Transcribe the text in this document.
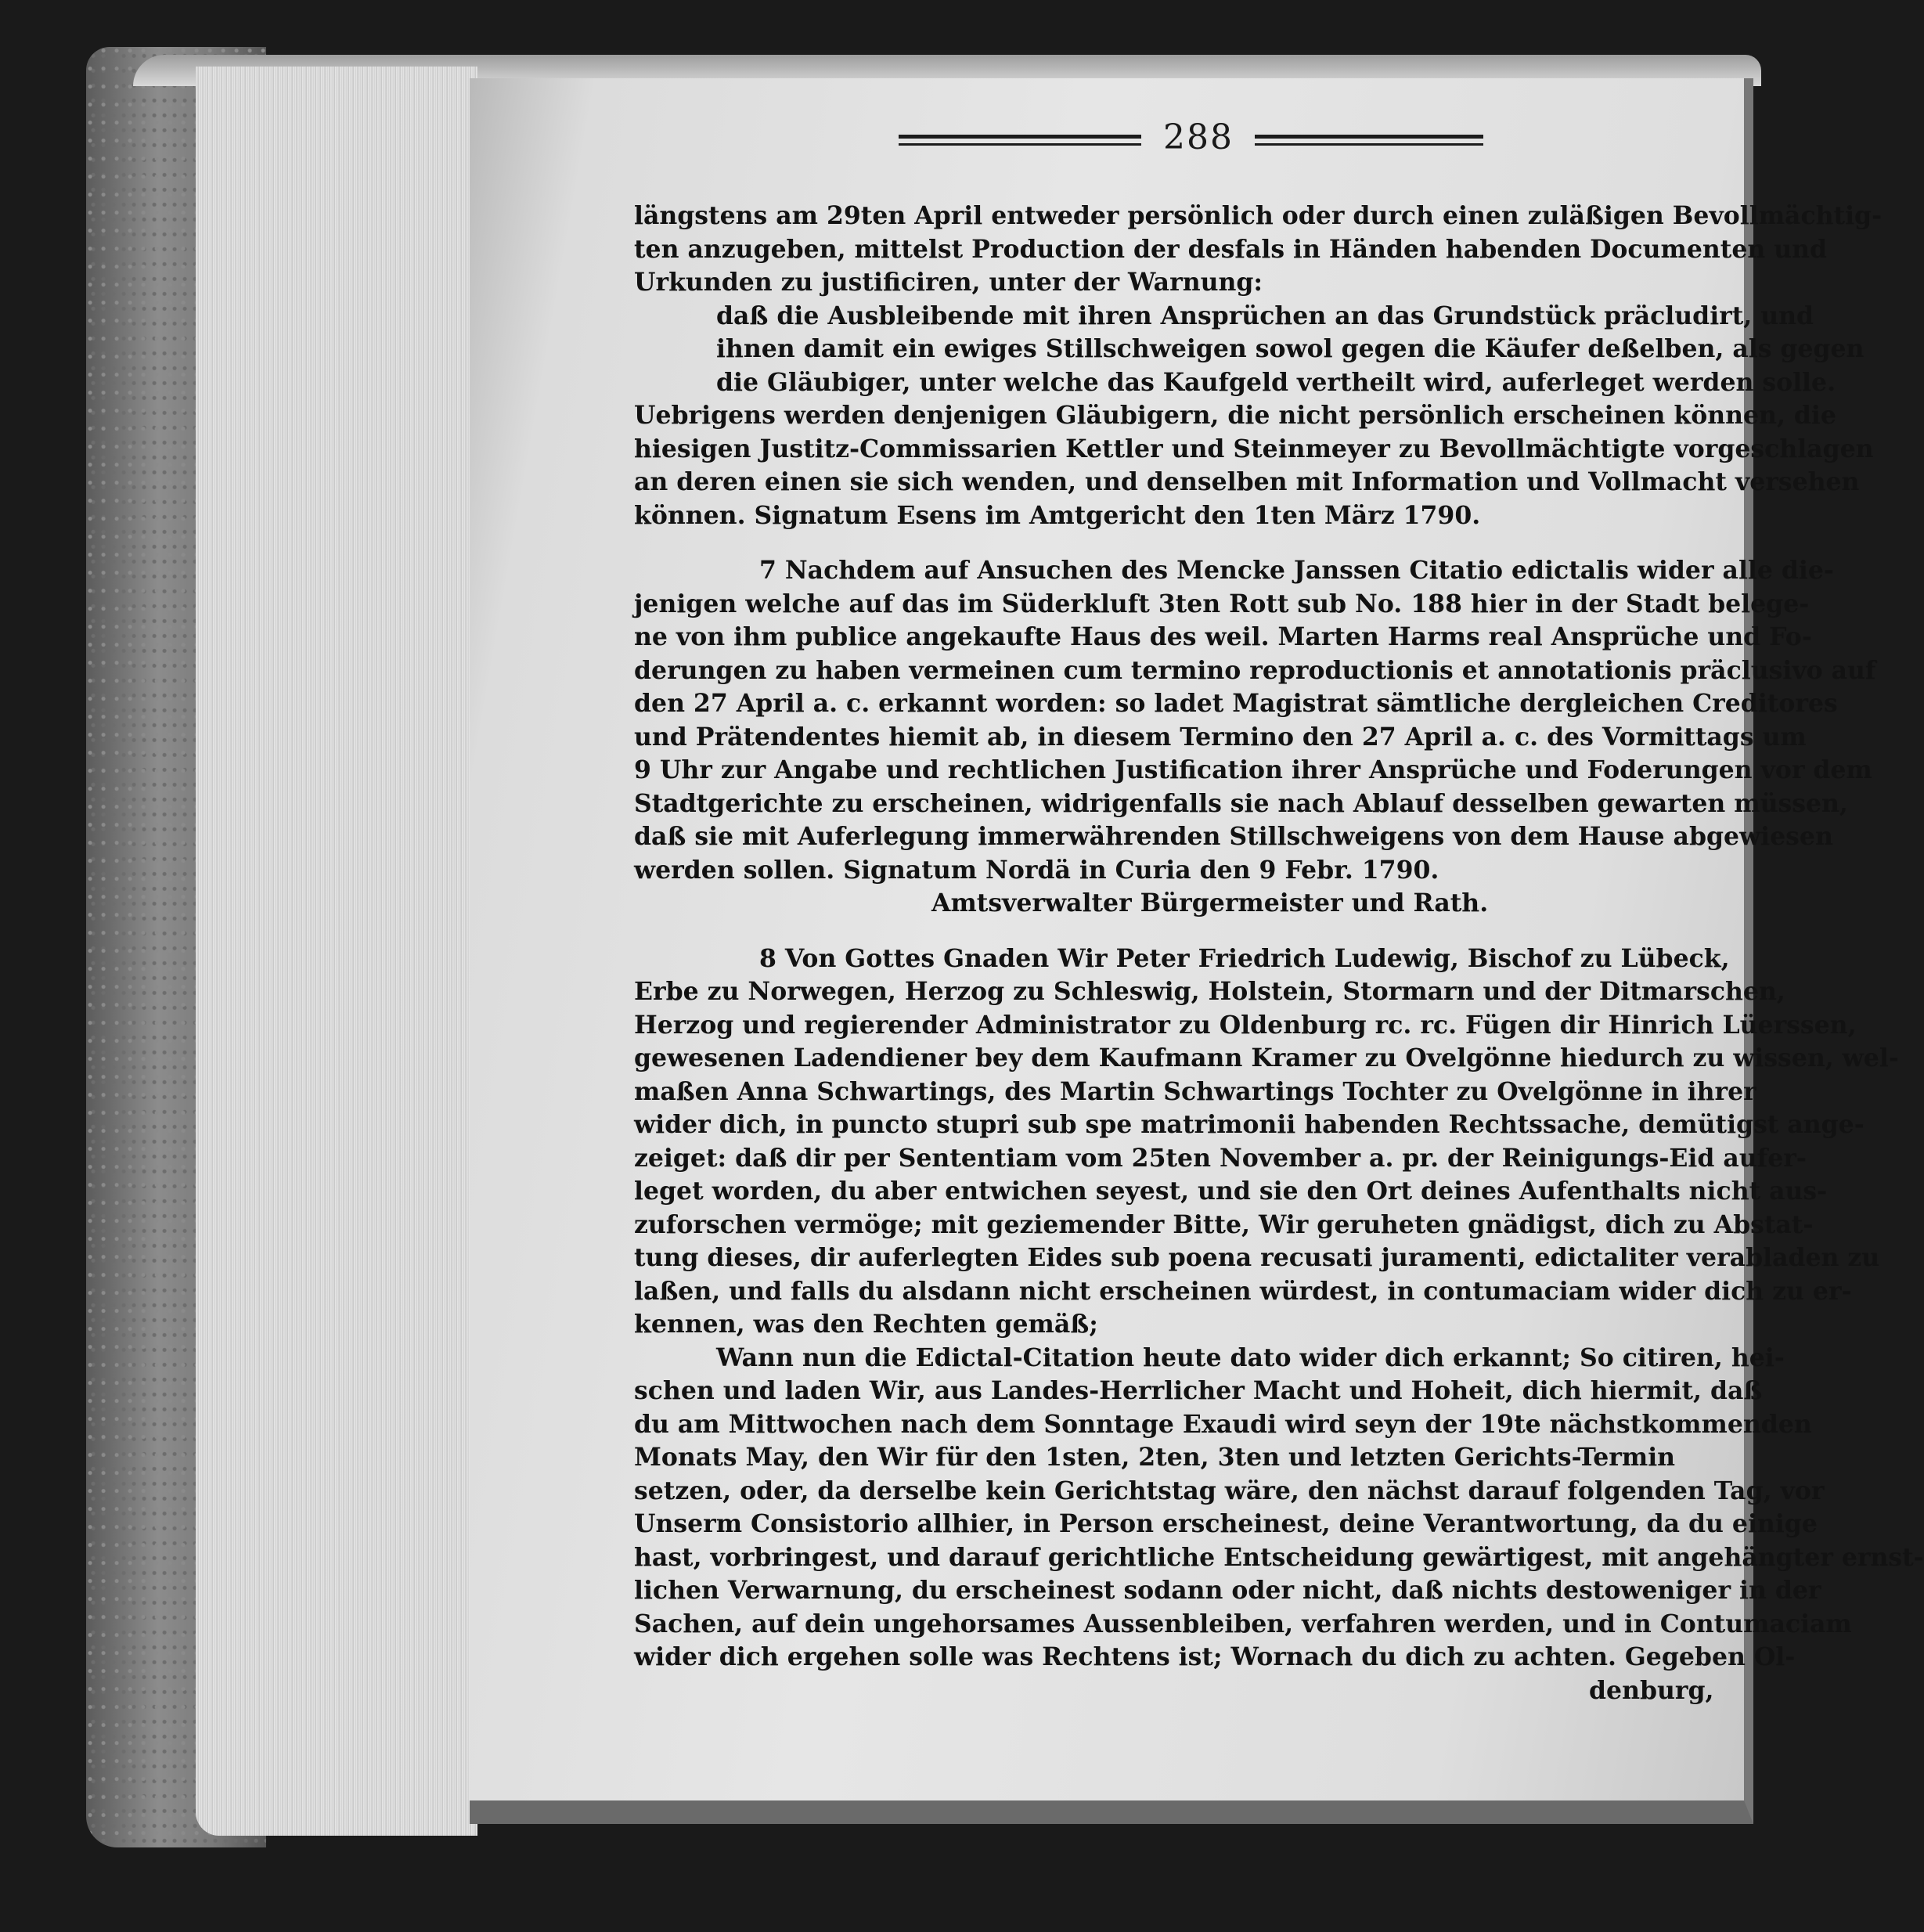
288
längstens am 29ten April entweder persönlich oder durch einen zuläßigen Bevollmächtig-
ten anzugeben, mittelst Production der desfals in Händen habenden Documenten und
Urkunden zu justificiren, unter der Warnung:
daß die Ausbleibende mit ihren Ansprüchen an das Grundstück präcludirt, und
ihnen damit ein ewiges Stillschweigen sowol gegen die Käufer deßelben, als gegen
die Gläubiger, unter welche das Kaufgeld vertheilt wird, auferleget werden solle.
Uebrigens werden denjenigen Gläubigern, die nicht persönlich erscheinen können, die
hiesigen Justitz-Commissarien Kettler und Steinmeyer zu Bevollmächtigte vorgeschlagen
an deren einen sie sich wenden, und denselben mit Information und Vollmacht versehen
können. Signatum Esens im Amtgericht den 1ten März 1790.
7 Nachdem auf Ansuchen des Mencke Janssen Citatio edictalis wider alle die-
jenigen welche auf das im Süderkluft 3ten Rott sub No. 188 hier in der Stadt belege-
ne von ihm publice angekaufte Haus des weil. Marten Harms real Ansprüche und Fo-
derungen zu haben vermeinen cum termino reproductionis et annotationis präclusivo auf
den 27 April a. c. erkannt worden: so ladet Magistrat sämtliche dergleichen Creditores
und Prätendentes hiemit ab, in diesem Termino den 27 April a. c. des Vormittags um
9 Uhr zur Angabe und rechtlichen Justification ihrer Ansprüche und Foderungen vor dem
Stadtgerichte zu erscheinen, widrigenfalls sie nach Ablauf desselben gewarten müssen,
daß sie mit Auferlegung immerwährenden Stillschweigens von dem Hause abgewiesen
werden sollen. Signatum Nordä in Curia den 9 Febr. 1790.
Amtsverwalter Bürgermeister und Rath.
8 Von Gottes Gnaden Wir Peter Friedrich Ludewig, Bischof zu Lübeck,
Erbe zu Norwegen, Herzog zu Schleswig, Holstein, Stormarn und der Ditmarschen,
Herzog und regierender Administrator zu Oldenburg rc. rc. Fügen dir Hinrich Lüerssen,
gewesenen Ladendiener bey dem Kaufmann Kramer zu Ovelgönne hiedurch zu wissen, wel-
maßen Anna Schwartings, des Martin Schwartings Tochter zu Ovelgönne in ihrer
wider dich, in puncto stupri sub spe matrimonii habenden Rechtssache, demütigst ange-
zeiget: daß dir per Sententiam vom 25ten November a. pr. der Reinigungs-Eid aufer-
leget worden, du aber entwichen seyest, und sie den Ort deines Aufenthalts nicht aus-
zuforschen vermöge; mit geziemender Bitte, Wir geruheten gnädigst, dich zu Abstat-
tung dieses, dir auferlegten Eides sub poena recusati juramenti, edictaliter verabladen zu
laßen, und falls du alsdann nicht erscheinen würdest, in contumaciam wider dich zu er-
kennen, was den Rechten gemäß;
Wann nun die Edictal-Citation heute dato wider dich erkannt; So citiren, hei-
schen und laden Wir, aus Landes-Herrlicher Macht und Hoheit, dich hiermit, daß
du am Mittwochen nach dem Sonntage Exaudi wird seyn der 19te nächstkommenden
Monats May, den Wir für den 1sten, 2ten, 3ten und letzten Gerichts-Termin
setzen, oder, da derselbe kein Gerichtstag wäre, den nächst darauf folgenden Tag, vor
Unserm Consistorio allhier, in Person erscheinest, deine Verantwortung, da du einige
hast, vorbringest, und darauf gerichtliche Entscheidung gewärtigest, mit angehängter ernst-
lichen Verwarnung, du erscheinest sodann oder nicht, daß nichts destoweniger in der
Sachen, auf dein ungehorsames Aussenbleiben, verfahren werden, und in Contumaciam
wider dich ergehen solle was Rechtens ist; Wornach du dich zu achten. Gegeben Ol-
denburg,
